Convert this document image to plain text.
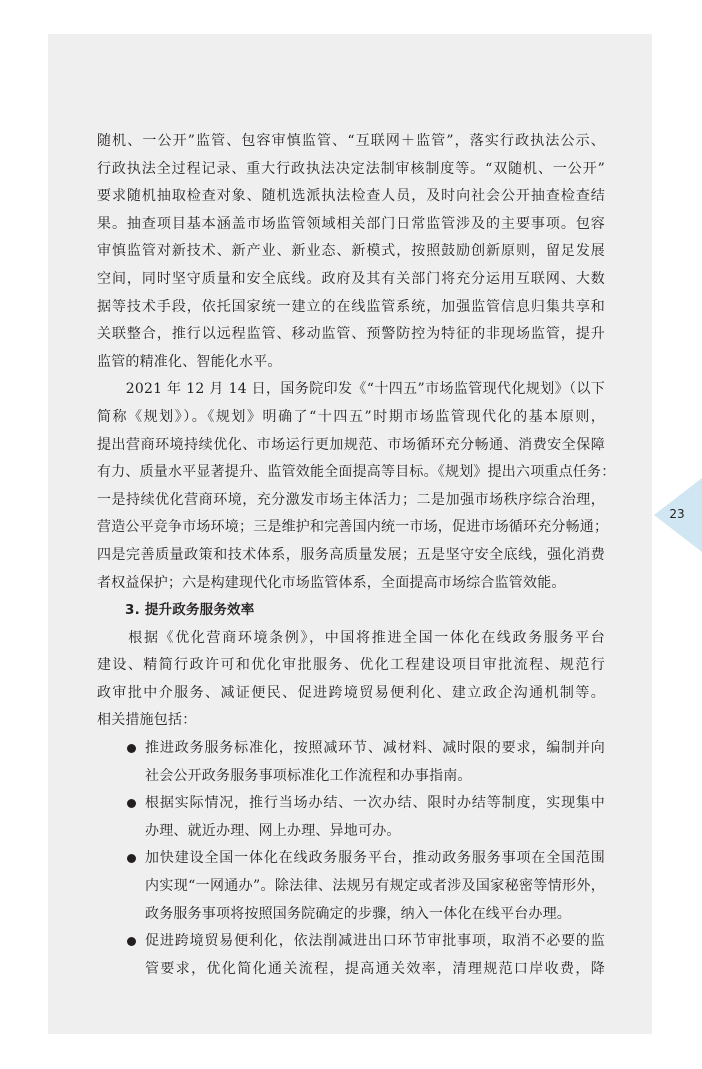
随机、一公开”监管、包容审慎监管、“互联网＋监管”，落实行政执法公示、
行政执法全过程记录、重大行政执法决定法制审核制度等。“双随机、一公开”
要求随机抽取检查对象、随机选派执法检查人员，及时向社会公开抽查检查结
果。抽查项目基本涵盖市场监管领域相关部门日常监管涉及的主要事项。包容
审慎监管对新技术、新产业、新业态、新模式，按照鼓励创新原则，留足发展
空间，同时坚守质量和安全底线。政府及其有关部门将充分运用互联网、大数
据等技术手段，依托国家统一建立的在线监管系统，加强监管信息归集共享和
关联整合，推行以远程监管、移动监管、预警防控为特征的非现场监管，提升
监管的精准化、智能化水平。
　　2021 年 12 月 14 日，国务院印发《“十四五”市场监管现代化规划》（以下
简称《规划》）。《规划》明确了“十四五”时期市场监管现代化的基本原则，
提出营商环境持续优化、市场运行更加规范、市场循环充分畅通、消费安全保障
有力、质量水平显著提升、监管效能全面提高等目标。《规划》提出六项重点任务：
一是持续优化营商环境，充分激发市场主体活力；二是加强市场秩序综合治理，
营造公平竞争市场环境；三是维护和完善国内统一市场，促进市场循环充分畅通；
四是完善质量政策和技术体系，服务高质量发展；五是坚守安全底线，强化消费
者权益保护；六是构建现代化市场监管体系，全面提高市场综合监管效能。
3. 提升政务服务效率
　　根据《优化营商环境条例》，中国将推进全国一体化在线政务服务平台
建设、精简行政许可和优化审批服务、优化工程建设项目审批流程、规范行
政审批中介服务、减证便民、促进跨境贸易便利化、建立政企沟通机制等。
相关措施包括：
推进政务服务标准化，按照减环节、减材料、减时限的要求，编制并向
社会公开政务服务事项标准化工作流程和办事指南。
根据实际情况，推行当场办结、一次办结、限时办结等制度，实现集中
办理、就近办理、网上办理、异地可办。
加快建设全国一体化在线政务服务平台，推动政务服务事项在全国范围
内实现“一网通办”。除法律、法规另有规定或者涉及国家秘密等情形外，
政务服务事项将按照国务院确定的步骤，纳入一体化在线平台办理。
促进跨境贸易便利化，依法削减进出口环节审批事项，取消不必要的监
管要求，优化简化通关流程，提高通关效率，清理规范口岸收费，降
23
